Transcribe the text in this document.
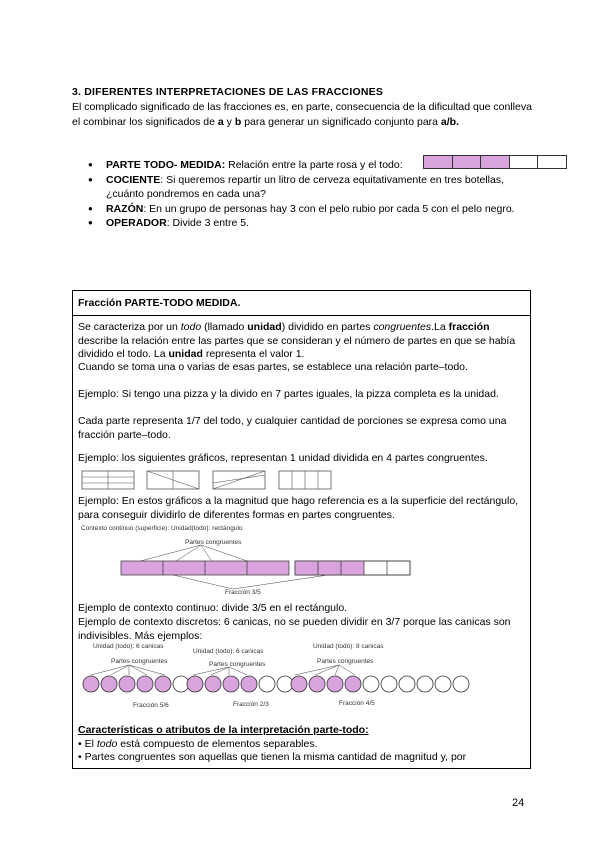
3. DIFERENTES INTERPRETACIONES DE LAS FRACCIONES
El complicado significado de las fracciones es, en parte, consecuencia de la dificultad que conlleva el combinar los significados de a y b para generar un significado conjunto para a/b.
● PARTE TODO- MEDIDA: Relación entre la parte rosa y el todo:
● COCIENTE: Si queremos repartir un litro de cerveza equitativamente en tres botellas, ¿cuánto pondremos en cada una?
● RAZÓN: En un grupo de personas hay 3 con el pelo rubio por cada 5 con el pelo negro.
● OPERADOR: Divide 3 entre 5.
Fracción PARTE-TODO MEDIDA.
Se caracteriza por un todo (llamado unidad) dividido en partes congruentes.La fracción describe la relación entre las partes que se consideran y el número de partes en que se había dividido el todo. La unidad representa el valor 1.
Cuando se toma una o varias de esas partes, se establece una relación parte–todo.
Ejemplo: Si tengo una pizza y la divido en 7 partes iguales, la pizza completa es la unidad.
Cada parte representa 1/7 del todo, y cualquier cantidad de porciones se expresa como una fracción parte–todo.
Ejemplo: los siguientes gráficos, representan 1 unidad dividida en 4 partes congruentes.
Ejemplo: En estos gráficos a la magnitud que hago referencia es a la superficie del rectángulo, para conseguir dividirlo de diferentes formas en partes congruentes.
Contexto continuo (superficie): Unidad(todo): rectángulo
Partes congruentes
Fracción 3/5
Ejemplo de contexto continuo: divide 3/5 en el rectángulo.
Ejemplo de contexto discretos: 6 canicas, no se pueden dividir en 3/7 porque las canicas son indivisibles. Más ejemplos:
Unidad (todo): 6 canicas
Partes congruentes
Fracción 5/6
Unidad (todo): 6 canicas
Partes congruentes
Fracción 2/3
Unidad (todo): 8 canicas
Partes congruentes
Fracción 4/5
Características o atributos de la interpretación parte-todo:
• El todo está compuesto de elementos separables.
• Partes congruentes son aquellas que tienen la misma cantidad de magnitud y, por
24
